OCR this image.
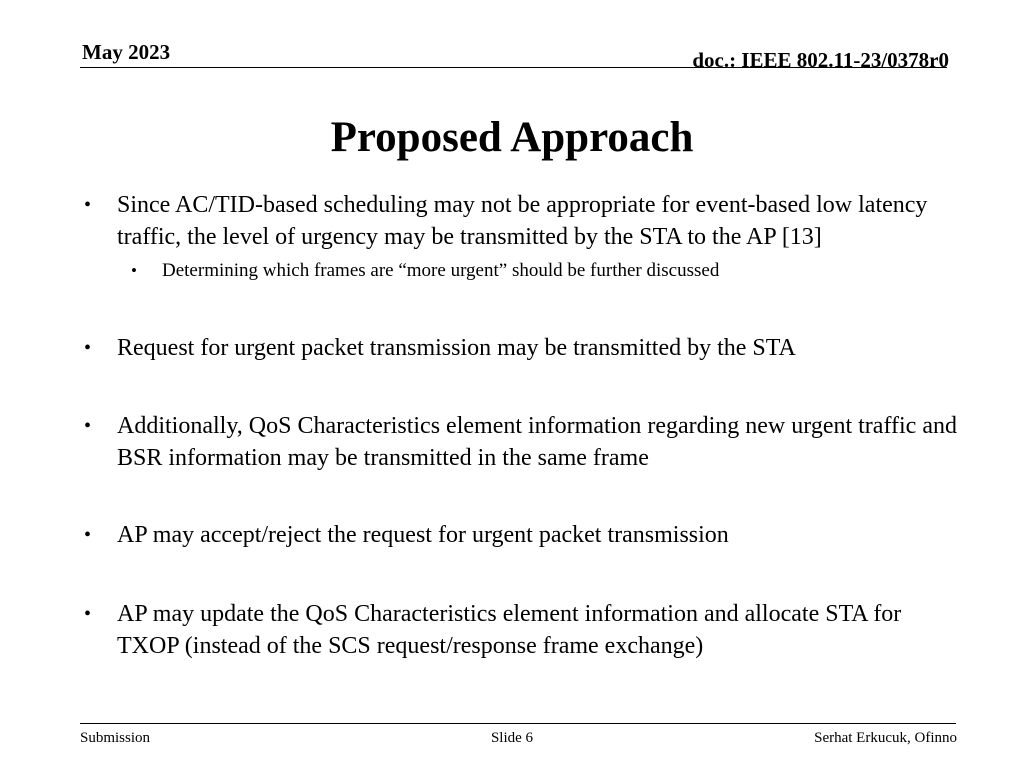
May 2023	doc.: IEEE 802.11-23/0378r0
Proposed Approach
• Since AC/TID-based scheduling may not be appropriate for event-based low latency traffic, the level of urgency may be transmitted by the STA to the AP [13]
• Determining which frames are “more urgent” should be further discussed
• Request for urgent packet transmission may be transmitted by the STA
• Additionally, QoS Characteristics element information regarding new urgent traffic and BSR information may be transmitted in the same frame
• AP may accept/reject the request for urgent packet transmission
• AP may update the QoS Characteristics element information and allocate STA for TXOP (instead of the SCS request/response frame exchange)
Submission	Slide 6	Serhat Erkucuk, Ofinno
